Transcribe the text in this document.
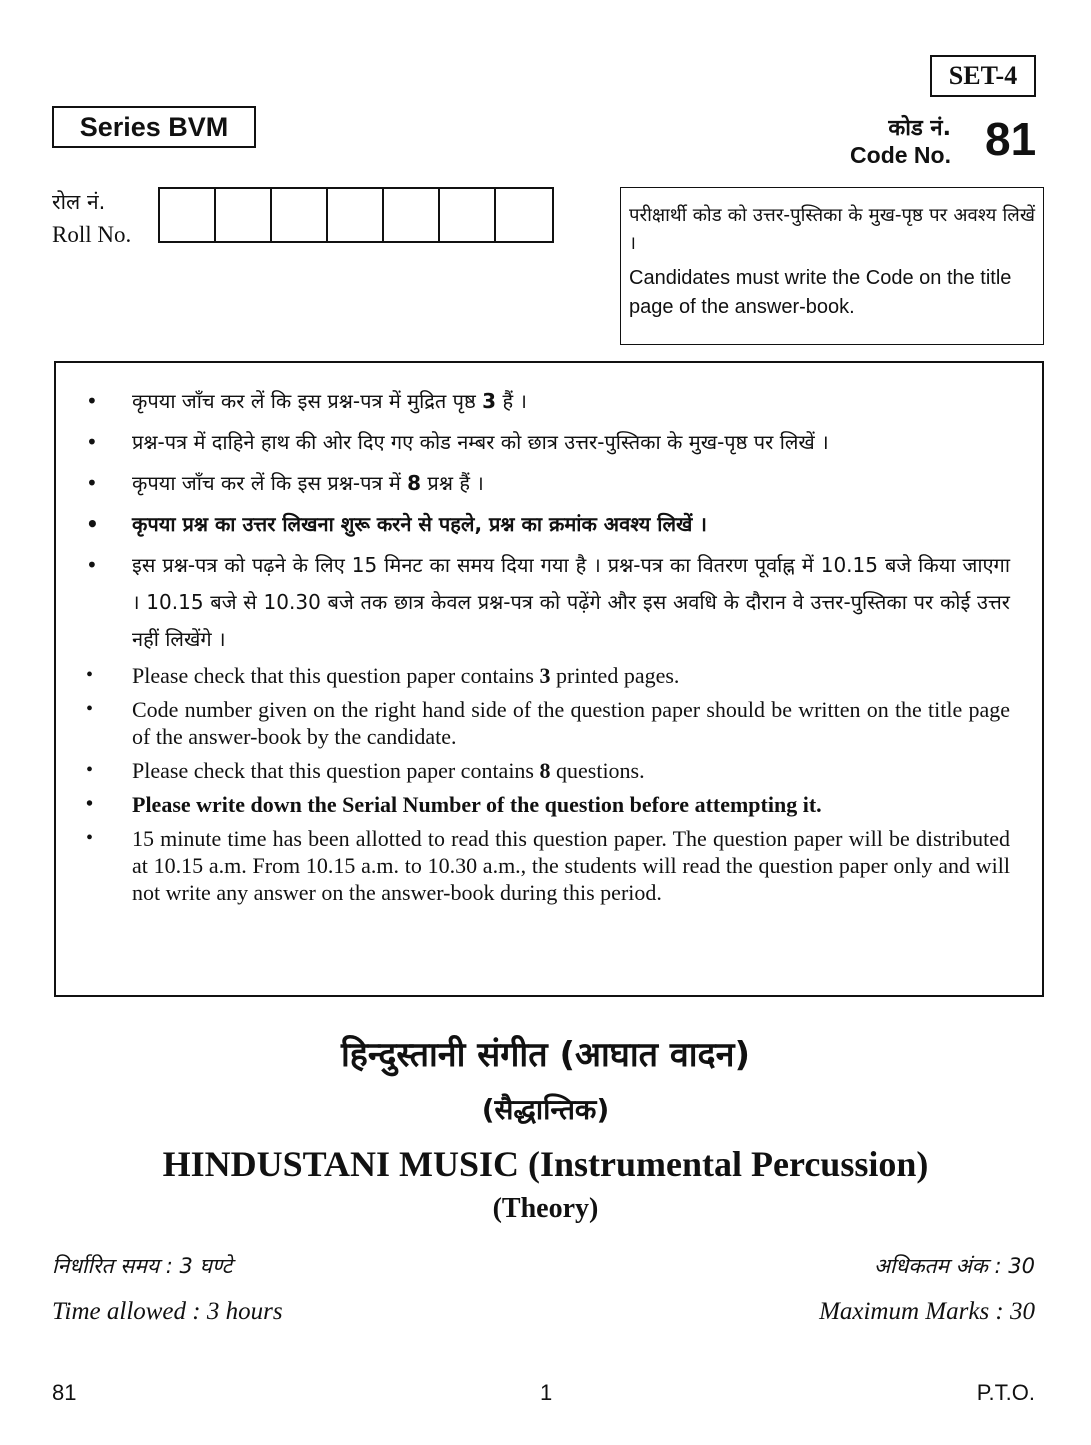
SET-4
Series BVM	कोड नं.
Code No. 81
रोल नं.
Roll No.
परीक्षार्थी कोड को उत्तर-पुस्तिका के मुख-पृष्ठ पर अवश्य लिखें ।
Candidates must write the Code on the title page of the answer-book.
• कृपया जाँच कर लें कि इस प्रश्न-पत्र में मुद्रित पृष्ठ 3 हैं ।
• प्रश्न-पत्र में दाहिने हाथ की ओर दिए गए कोड नम्बर को छात्र उत्तर-पुस्तिका के मुख-पृष्ठ पर लिखें ।
• कृपया जाँच कर लें कि इस प्रश्न-पत्र में 8 प्रश्न हैं ।
• कृपया प्रश्न का उत्तर लिखना शुरू करने से पहले, प्रश्न का क्रमांक अवश्य लिखें ।
• इस प्रश्न-पत्र को पढ़ने के लिए 15 मिनट का समय दिया गया है । प्रश्न-पत्र का वितरण पूर्वाह्न में 10.15 बजे किया जाएगा । 10.15 बजे से 10.30 बजे तक छात्र केवल प्रश्न-पत्र को पढ़ेंगे और इस अवधि के दौरान वे उत्तर-पुस्तिका पर कोई उत्तर नहीं लिखेंगे ।
• Please check that this question paper contains 3 printed pages.
• Code number given on the right hand side of the question paper should be written on the title page of the answer-book by the candidate.
• Please check that this question paper contains 8 questions.
• Please write down the Serial Number of the question before attempting it.
• 15 minute time has been allotted to read this question paper. The question paper will be distributed at 10.15 a.m. From 10.15 a.m. to 10.30 a.m., the students will read the question paper only and will not write any answer on the answer-book during this period.
हिन्दुस्तानी संगीत (आघात वादन)
(सैद्धान्तिक)
HINDUSTANI MUSIC (Instrumental Percussion)
(Theory)
निर्धारित समय : 3 घण्टे	अधिकतम अंक : 30
Time allowed : 3 hours	Maximum Marks : 30
81	1	P.T.O.
